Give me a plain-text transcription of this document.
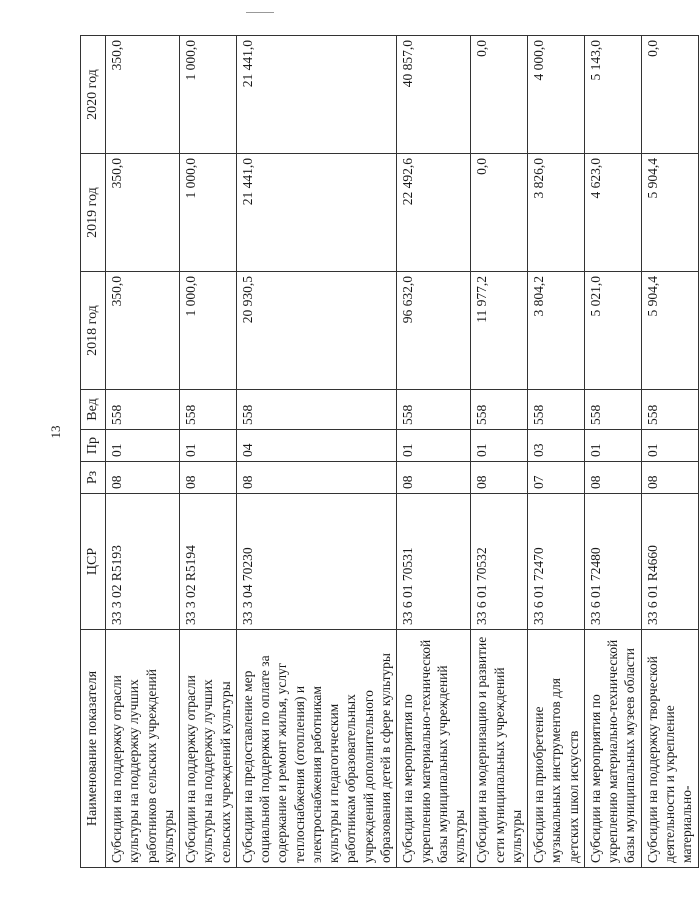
13
Наименование показателя	ЦСР	Рз	Пр	Вед	2018 год	2019 год	2020 год
Субсидии на поддержку отрасли культуры на поддержку лучших работников сельских учреждений культуры	33 3 02 R5193	08	01	558	350,0	350,0	350,0
Субсидии на поддержку отрасли культуры на поддержку лучших сельских учреждений культуры	33 3 02 R5194	08	01	558	1 000,0	1 000,0	1 000,0
Субсидии на предоставление мер социальной поддержки по оплате за содержание и ремонт жилья, услуг теплоснабжения (отопления) и электроснабжения работникам культуры и педагогическим работникам образовательных учреждений дополнительного образования детей в сфере культуры	33 3 04 70230	08	04	558	20 930,5	21 441,0	21 441,0
Субсидии на мероприятия по укреплению материально-технической базы муниципальных учреждений культуры	33 6 01 70531	08	01	558	96 632,0	22 492,6	40 857,0
Субсидии на модернизацию и развитие сети муниципальных учреждений культуры	33 6 01 70532	08	01	558	11 977,2	0,0	0,0
Субсидии на приобретение музыкальных инструментов для детских школ искусств	33 6 01 72470	07	03	558	3 804,2	3 826,0	4 000,0
Субсидии на мероприятия по укреплению материально-технической базы муниципальных музеев области	33 6 01 72480	08	01	558	5 021,0	4 623,0	5 143,0
Субсидии на поддержку творческой деятельности и укрепление материально-	33 6 01 R4660	08	01	558	5 904,4	5 904,4	0,0
